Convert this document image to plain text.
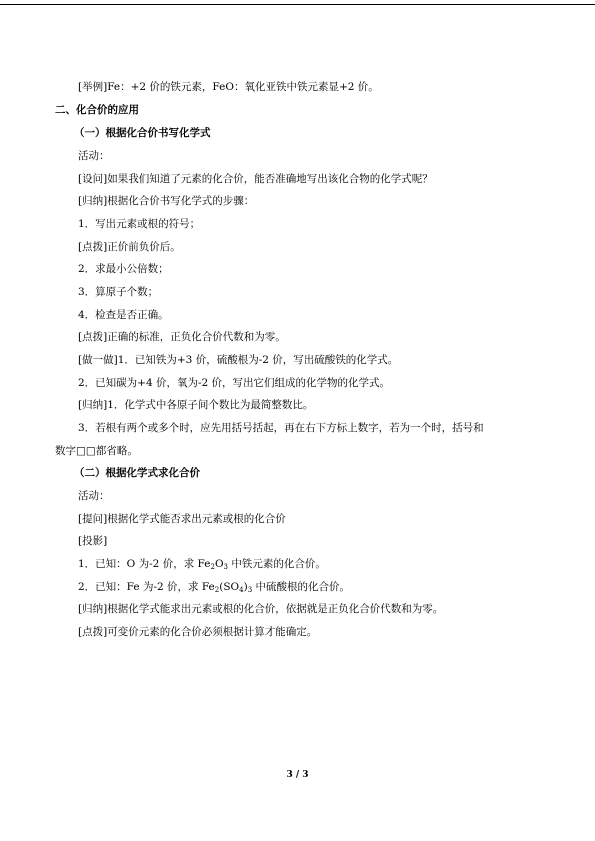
[举例]Fe：+2 价的铁元素，FeO：氧化亚铁中铁元素显+2 价。
二、化合价的应用
（一）根据化合价书写化学式
活动：
[设问]如果我们知道了元素的化合价，能否准确地写出该化合物的化学式呢？
[归纳]根据化合价书写化学式的步骤：
1．写出元素或根的符号；
[点拨]正价前负价后。
2．求最小公倍数；
3．算原子个数；
4．检查是否正确。
[点拨]正确的标准，正负化合价代数和为零。
[做一做]1．已知铁为+3 价，硫酸根为-2 价，写出硫酸铁的化学式。
2．已知碳为+4 价，氧为-2 价，写出它们组成的化学物的化学式。
[归纳]1．化学式中各原子间个数比为最简整数比。
3．若根有两个或多个时，应先用括号括起，再在右下方标上数字，若为一个时，括号和
数字□□都省略。
（二）根据化学式求化合价
活动：
[提问]根据化学式能否求出元素或根的化合价
[投影]
1．已知：O 为-2 价，求 $Fe_2O_3$ 中铁元素的化合价。
2．已知：Fe 为-2 价，求 $Fe_2(SO_4)_3$ 中硫酸根的化合价。
[归纳]根据化学式能求出元素或根的化合价，依据就是正负化合价代数和为零。
[点拨]可变价元素的化合价必须根据计算才能确定。
3 / 3
